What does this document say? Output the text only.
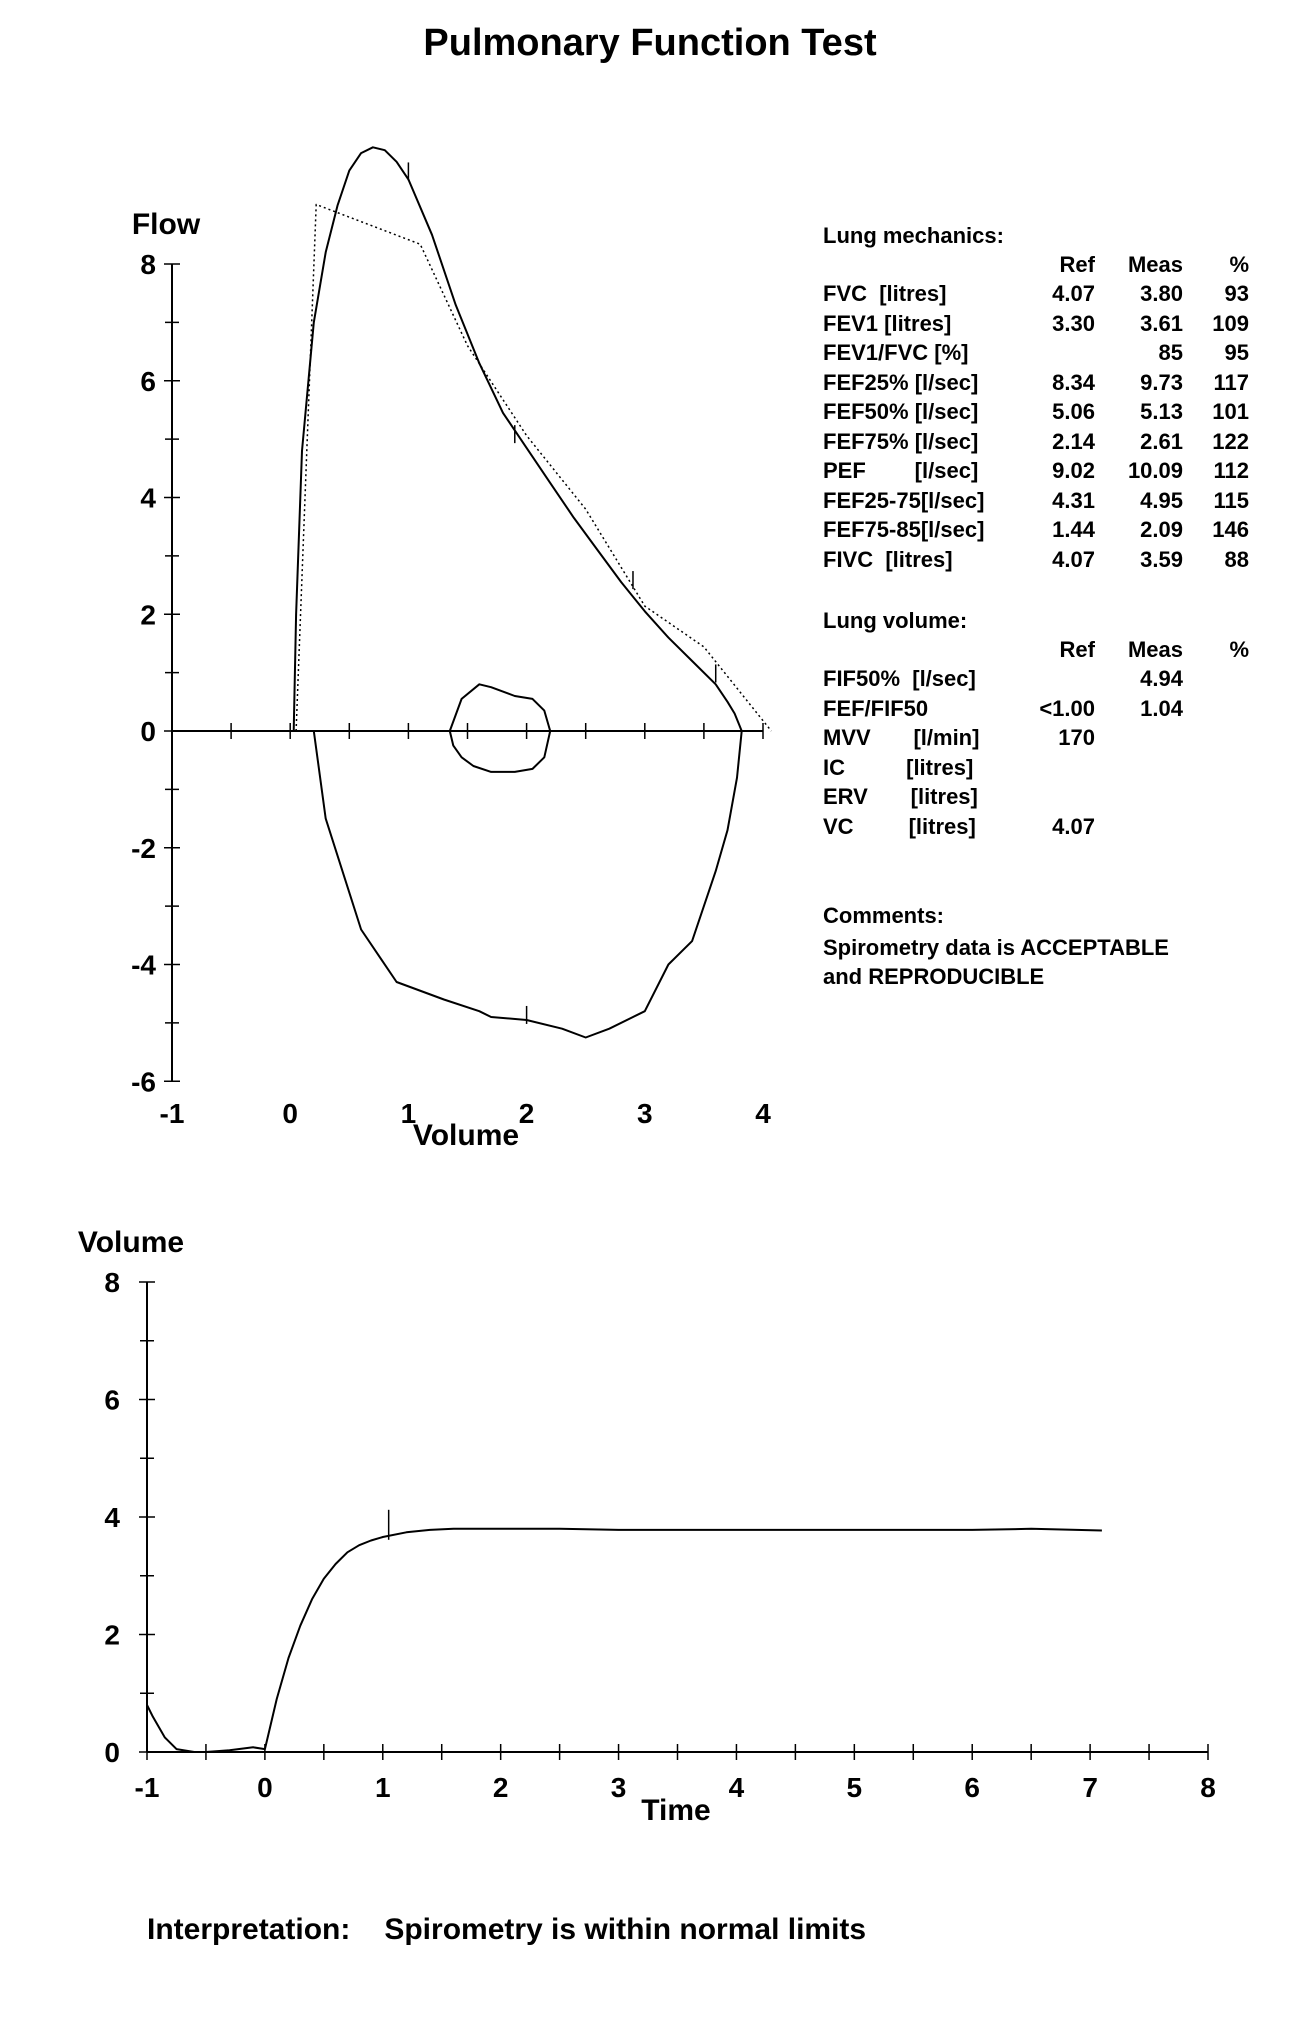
Pulmonary Function Test
8
6
4
2
0
-2
-4
-6
-1	0	1	2	3	4
Flow
Volume
8
6
4
2
0
-1	0	1	2	3	4	5	6	7	8
Volume
Time
Lung mechanics:
	Ref	Meas	%
FVC  [litres]	4.07	3.80	93
FEV1 [litres]	3.30	3.61	109
FEV1/FVC [%]		85	95
FEF25% [l/sec]	8.34	9.73	117
FEF50% [l/sec]	5.06	5.13	101
FEF75% [l/sec]	2.14	2.61	122
PEF        [l/sec]	9.02	10.09	112
FEF25-75[l/sec]	4.31	4.95	115
FEF75-85[l/sec]	1.44	2.09	146
FIVC  [litres]	4.07	3.59	88
Lung volume:
	Ref	Meas	%
FIF50%  [l/sec]		4.94	
FEF/FIF50	<1.00	1.04	
MVV       [l/min]	170		
IC          [litres]			
ERV       [litres]			
VC         [litres]	4.07		
Comments:
Spirometry data is ACCEPTABLE
and REPRODUCIBLE
Interpretation: Spirometry is within normal limits
